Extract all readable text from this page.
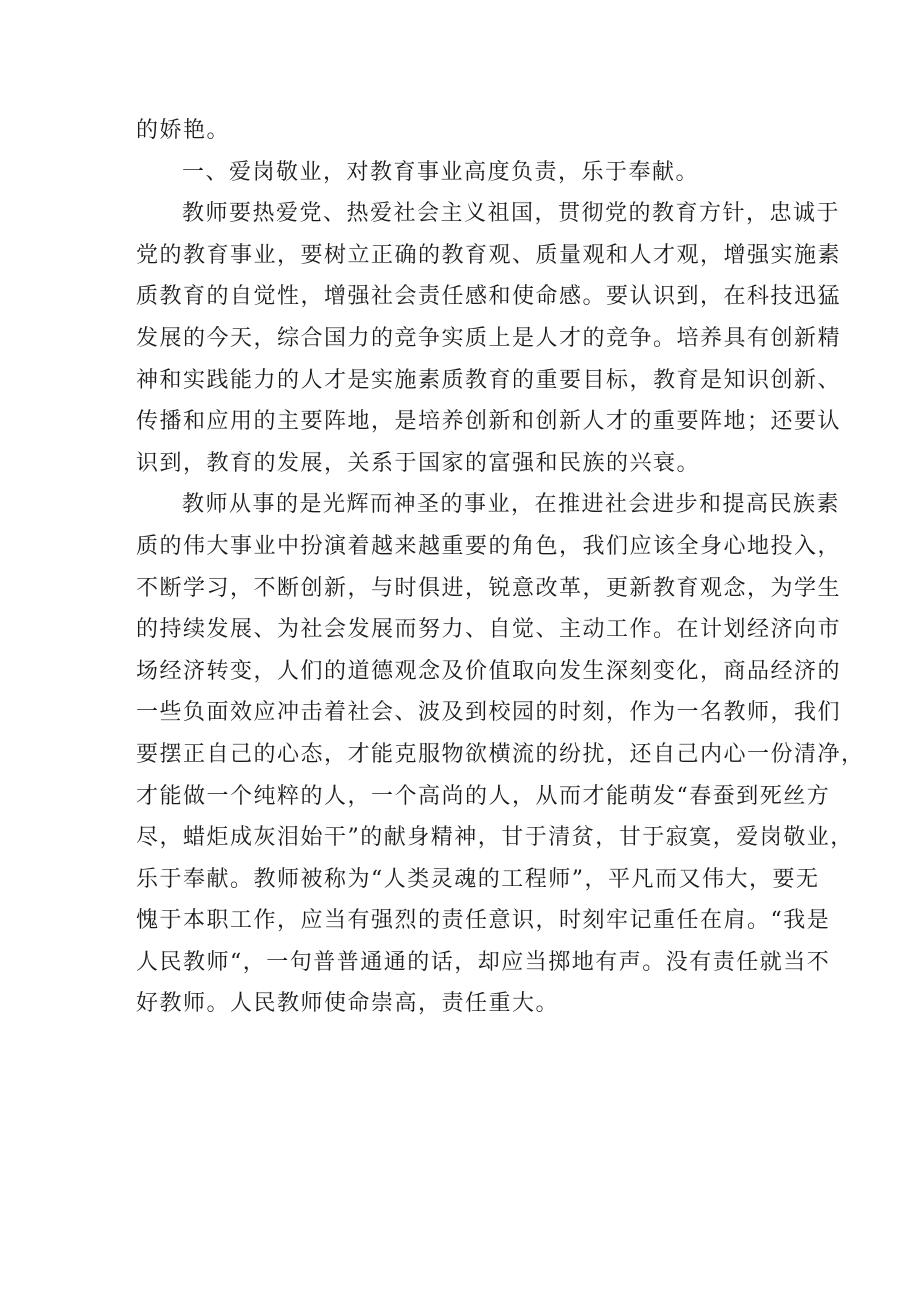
的娇艳。
一、爱岗敬业，对教育事业高度负责，乐于奉献。
教师要热爱党、热爱社会主义祖国，贯彻党的教育方针，忠诚于
党的教育事业，要树立正确的教育观、质量观和人才观，增强实施素
质教育的自觉性，增强社会责任感和使命感。要认识到，在科技迅猛
发展的今天，综合国力的竞争实质上是人才的竞争。培养具有创新精
神和实践能力的人才是实施素质教育的重要目标，教育是知识创新、
传播和应用的主要阵地，是培养创新和创新人才的重要阵地；还要认
识到，教育的发展，关系于国家的富强和民族的兴衰。
教师从事的是光辉而神圣的事业，在推进社会进步和提高民族素
质的伟大事业中扮演着越来越重要的角色，我们应该全身心地投入，
不断学习，不断创新，与时俱进，锐意改革，更新教育观念，为学生
的持续发展、为社会发展而努力、自觉、主动工作。在计划经济向市
场经济转变，人们的道德观念及价值取向发生深刻变化，商品经济的
一些负面效应冲击着社会、波及到校园的时刻，作为一名教师，我们
要摆正自己的心态，才能克服物欲横流的纷扰，还自己内心一份清净，
才能做一个纯粹的人，一个高尚的人，从而才能萌发“春蚕到死丝方
尽，蜡炬成灰泪始干”的献身精神，甘于清贫，甘于寂寞，爱岗敬业，
乐于奉献。教师被称为“人类灵魂的工程师”，平凡而又伟大，要无
愧于本职工作，应当有强烈的责任意识，时刻牢记重任在肩。“我是
人民教师“，一句普普通通的话，却应当掷地有声。没有责任就当不
好教师。人民教师使命崇高，责任重大。
